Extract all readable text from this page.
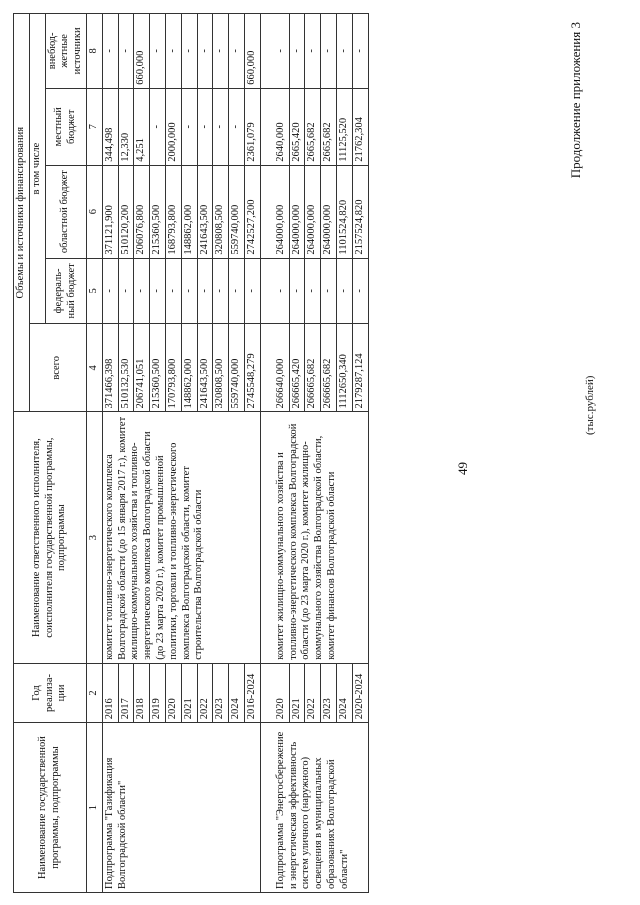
49
Продолжение приложения 3
(тыс.рублей)
Наименование государственной программы, подпрограммы	Год реализа-ции	Наименование ответственного исполнителя, соисполнителя государственной программы, подпрограммы	Объемы и источники финансирования				
			всего	в том числе			
				федераль-ный бюджет	областной бюджет	местный бюджет	внебюд-жетные источники
1	2	3	4	5	6	7	8
Подпрограмма "Газификация Волгоградской области"	2016	комитет топливно-энергетического комплекса Волгоградской области (до 15 января 2017 г.), комитет жилищно-коммунального хозяйства и топливно-энергетического комплекса Волгоградской области (до 23 марта 2020 г.), комитет промышленной политики, торговли и топливно-энергетического комплекса Волгоградской области, комитет строительства Волгоградской области	371466,398	-	371121,900	344,498	-
	2017		510132,530	-	510120,200	12,330	-
	2018		206741,051	-	206076,800	4,251	660,000
	2019		215360,500	-	215360,500	-	-
	2020		170793,800	-	168793,800	2000,000	-
	2021		148862,000	-	148862,000	-	-
	2022		241643,500	-	241643,500	-	-
	2023		320808,500	-	320808,500	-	-
	2024		559740,000	-	559740,000	-	-
	2016-2024		2745548,279	-	2742527,200	2361,079	660,000
Подпрограмма "Энергосбережение и энергетическая эффективность систем уличного (наружного) освещения в муниципальных образованиях Волгоградской области"	2020	комитет жилищно-коммунального хозяйства и топливно-энергетического комплекса Волгоградской области (до 23 марта 2020 г.), комитет жилищно-коммунального хозяйства Волгоградской области, комитет финансов Волгоградской области	266640,000	-	264000,000	2640,000	-
	2021		266665,420	-	264000,000	2665,420	-
	2022		266665,682	-	264000,000	2665,682	-
	2023		266665,682	-	264000,000	2665,682	-
	2024		1112650,340	-	1101524,820	11125,520	-
	2020-2024		2179287,124	-	2157524,820	21762,304	-
